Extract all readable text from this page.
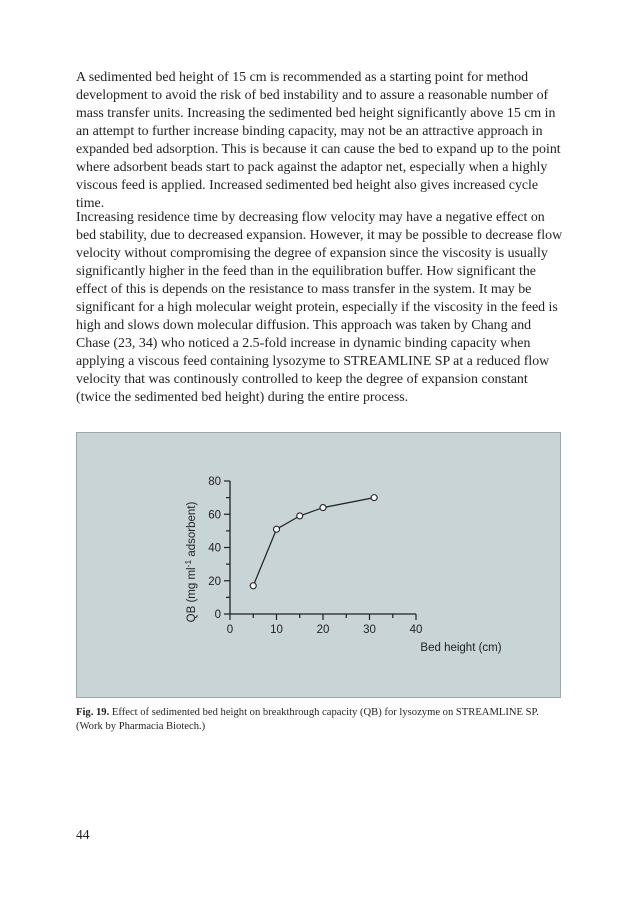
A sedimented bed height of 15 cm is recommended as a starting point for method development to avoid the risk of bed instability and to assure a reasonable number of mass transfer units. Increasing the sedimented bed height significantly above 15 cm in an attempt to further increase binding capacity, may not be an attractive approach in expanded bed adsorption. This is because it can cause the bed to expand up to the point where adsorbent beads start to pack against the adaptor net, especially when a highly viscous feed is applied. Increased sedimented bed height also gives increased cycle time.

Increasing residence time by decreasing flow velocity may have a negative effect on bed stability, due to decreased expansion. However, it may be possible to decrease flow velocity without compromising the degree of expansion since the viscosity is usually significantly higher in the feed than in the equilibration buffer. How significant the effect of this is depends on the resistance to mass transfer in the system. It may be significant for a high molecular weight protein, especially if the viscosity in the feed is high and slows down molecular diffusion. This approach was taken by Chang and Chase (23, 34) who noticed a 2.5-fold increase in dynamic binding capacity when applying a viscous feed containing lysozyme to STREAMLINE SP at a reduced flow velocity that was continously controlled to keep the degree of expansion constant (twice the sedimented bed height) during the entire process.

0
20
40
60
80
0	10	20	30	40
QB (mg $ml^{-1}$ adsorbent)
Bed height (cm)

Fig. 19. Effect of sedimented bed height on breakthrough capacity (QB) for lysozyme on STREAMLINE SP. (Work by Pharmacia Biotech.)

44
